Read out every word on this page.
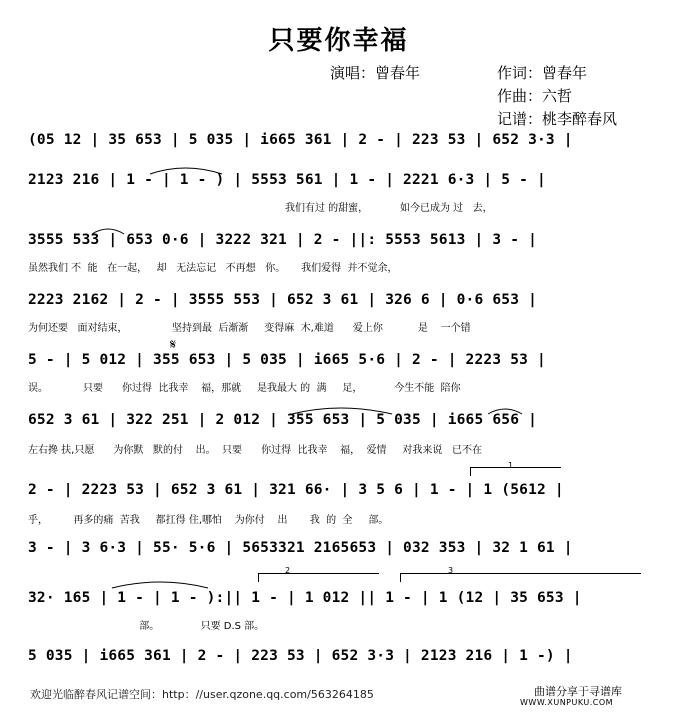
只要你幸福
演唱：曾春年	作词：曾春年
作曲：六哲
记谱：桃李醉春风
(05 12 | 35 653 | 5 035 | i665 361 | 2 - | 223 53 | 652 3·3 |
2123 216 | 1 - | 1 - ) | 5553 561 | 1 - | 2221 6·3 | 5 - |
我们有过 的甜蜜，          如今已成为 过   去，
3555 533 | 653 0·6 | 3222 321 | 2 - ||: 5553 5613 | 3 - |
虽然我们 不  能   在一起，   却   无法忘记   不再想   你。     我们爱得  并不觉余，
2223 2162 | 2 - | 3555 553 | 652 3 61 | 326 6 | 0·6 653 |
为何还要   面对结束，              坚持到最  后渐渐     变得麻  木,难道      爱上你           是    一个错
𝄋
5 - | 5 012 | 355 653 | 5 035 | i665 5·6 | 2 - | 2223 53 |
误。           只要      你过得  比我幸    福，那就     是我最大 的  满     足，          今生不能  陪你
652 3 61 | 322 251 | 2 012 | 355 653 | 5 035 | i665 656 |
左右搀 扶,只愿      为你默   默的付    出。  只要      你过得  比我幸    福，  爱情     对我来说   已不在
1
2 - | 2223 53 | 652 3 61 | 321 66· | 3 5 6 | 1 - | 1 (5612 |
乎，        再多的痛  苦我     都扛得 住,哪怕    为你付    出       我  的  全     部。
3 - | 3 6·3 | 55· 5·6 | 5653321 2165653 | 032 353 | 32 1 61 |
2	3
32· 165 | 1 - | 1 - ):|| 1 - | 1 012 || 1 - | 1 (12 | 35 653 |
部。             只要 D.S 部。
5 035 | i665 361 | 2 - | 223 53 | 652 3·3 | 2123 216 | 1 -) |
欢迎光临醉春风记谱空间：http：//user.qzone.qq.com/563264185	曲谱分享于寻谱库
WWW.XUNPUKU.COM
